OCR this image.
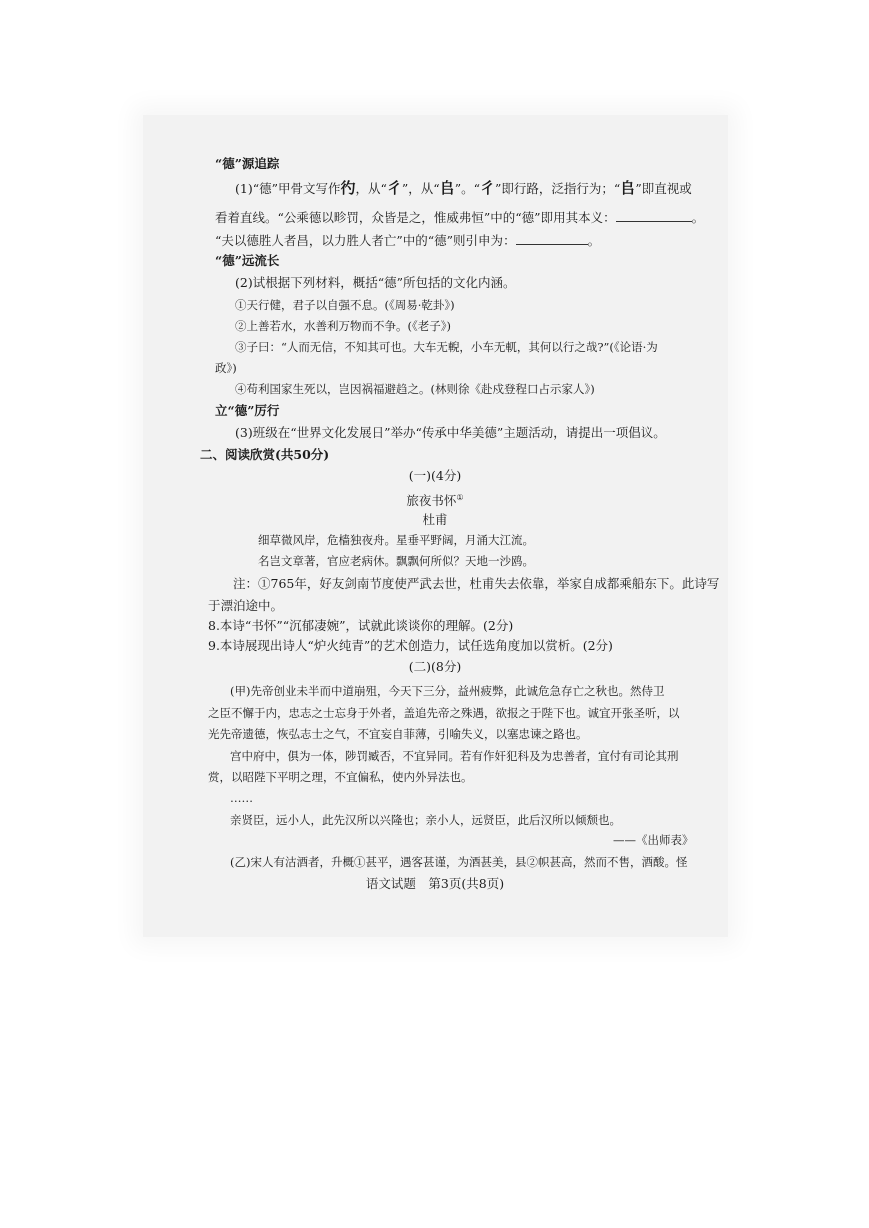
“德”源追踪
(1)“德”甲骨文写作彴，从“彳”，从“𠂤”。“彳”即行路，泛指行为；“𠂤”即直视或
看着直线。“公乘德以畛罚，众皆是之，惟威弗恒”中的“德”即用其本义：	。
“夫以德胜人者昌，以力胜人者亡”中的“德”则引申为：	。
“德”远流长
(2)试根据下列材料，概括“德”所包括的文化内涵。
①天行健，君子以自强不息。(《周易·乾卦》)
②上善若水，水善利万物而不争。(《老子》)
③子曰：“人而无信，不知其可也。大车无輗，小车无軏，其何以行之哉?”(《论语·为
政》)
④苟利国家生死以，岂因祸福避趋之。(林则徐《赴戍登程口占示家人》)
立“德”厉行
(3)班级在“世界文化发展日”举办“传承中华美德”主题活动，请提出一项倡议。
二、阅读欣赏(共50分)
(一)(4分)
旅夜书怀①
杜甫
细草微风岸，危樯独夜舟。星垂平野阔，月涌大江流。
名岂文章著，官应老病休。飘飘何所似？天地一沙鸥。
注：①765年，好友剑南节度使严武去世，杜甫失去依靠，举家自成都乘船东下。此诗写
于漂泊途中。
8.本诗“书怀”“沉郁凄婉”，试就此谈谈你的理解。(2分)
9.本诗展现出诗人“炉火纯青”的艺术创造力，试任选角度加以赏析。(2分)
(二)(8分)
(甲)先帝创业未半而中道崩殂，今天下三分，益州疲弊，此诚危急存亡之秋也。然侍卫
之臣不懈于内，忠志之士忘身于外者，盖追先帝之殊遇，欲报之于陛下也。诚宜开张圣听，以
光先帝遗德，恢弘志士之气，不宜妄自菲薄，引喻失义，以塞忠谏之路也。
宫中府中，俱为一体，陟罚臧否，不宜异同。若有作奸犯科及为忠善者，宜付有司论其刑
赏，以昭陛下平明之理，不宜偏私，使内外异法也。
……
亲贤臣，远小人，此先汉所以兴隆也；亲小人，远贤臣，此后汉所以倾颓也。
——《出师表》
(乙)宋人有沽酒者，升概①甚平，遇客甚谨，为酒甚美，县②帜甚高，然而不售，酒酸。怪
语文试题　第3页(共8页)
